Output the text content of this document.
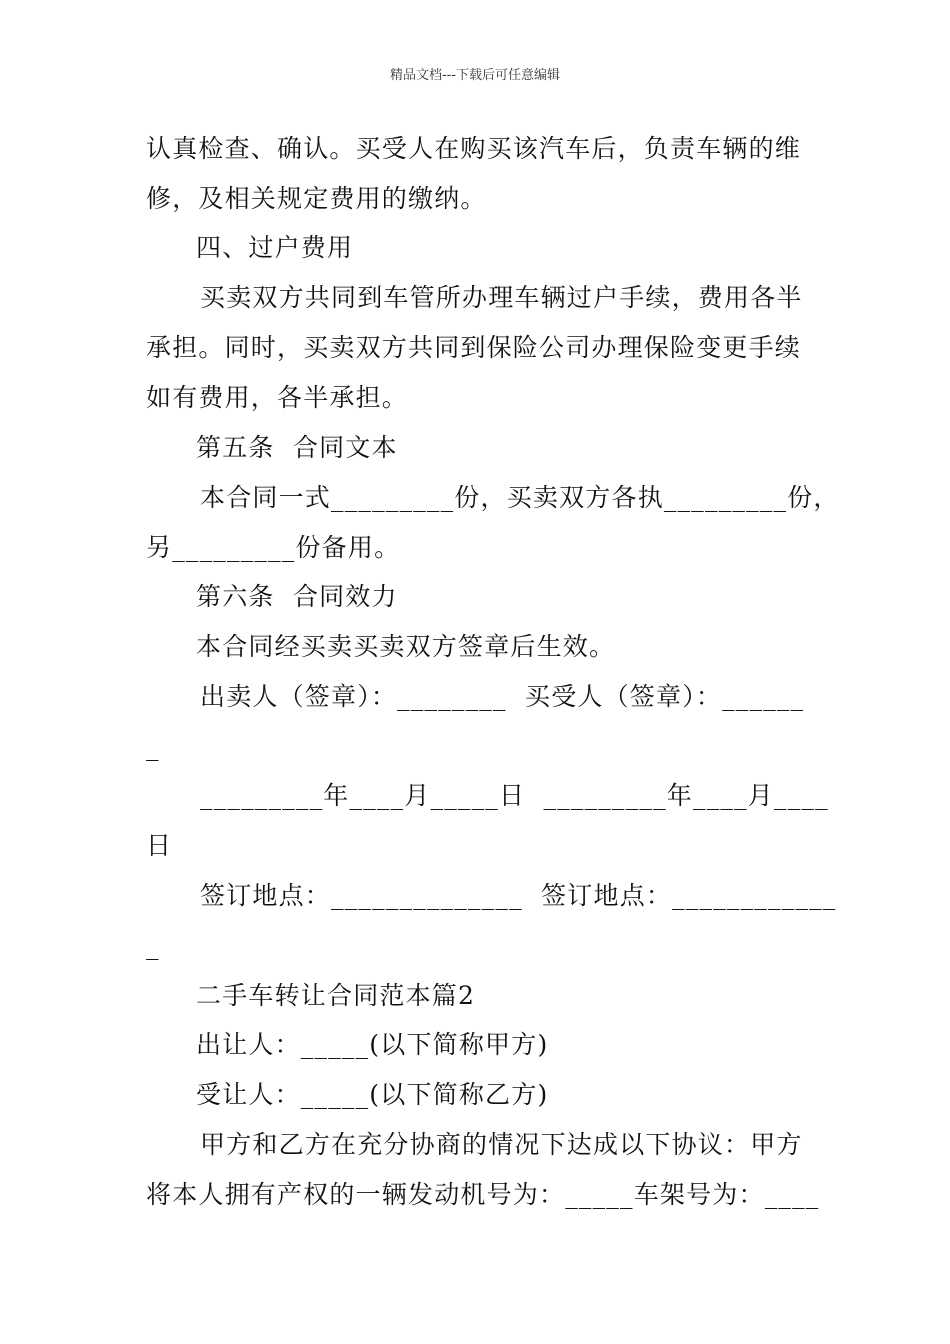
精品文档---下载后可任意编辑
认真检查、确认。买受人在购买该汽车后，负责车辆的维
修，及相关规定费用的缴纳。
四、过户费用
买卖双方共同到车管所办理车辆过户手续，费用各半
承担。同时，买卖双方共同到保险公司办理保险变更手续
如有费用，各半承担。
第五条  合同文本
本合同一式_________份，买卖双方各执_________份，
另_________份备用。
第六条  合同效力
本合同经买卖买卖双方签章后生效。
出卖人（签章）：________  买受人（签章）：______
_
_________年____月_____日  _________年____月____
日
签订地点：______________  签订地点：____________
_
二手车转让合同范本篇2
出让人：_____(以下简称甲方)
受让人：_____(以下简称乙方)
甲方和乙方在充分协商的情况下达成以下协议：甲方
将本人拥有产权的一辆发动机号为：_____车架号为：____
